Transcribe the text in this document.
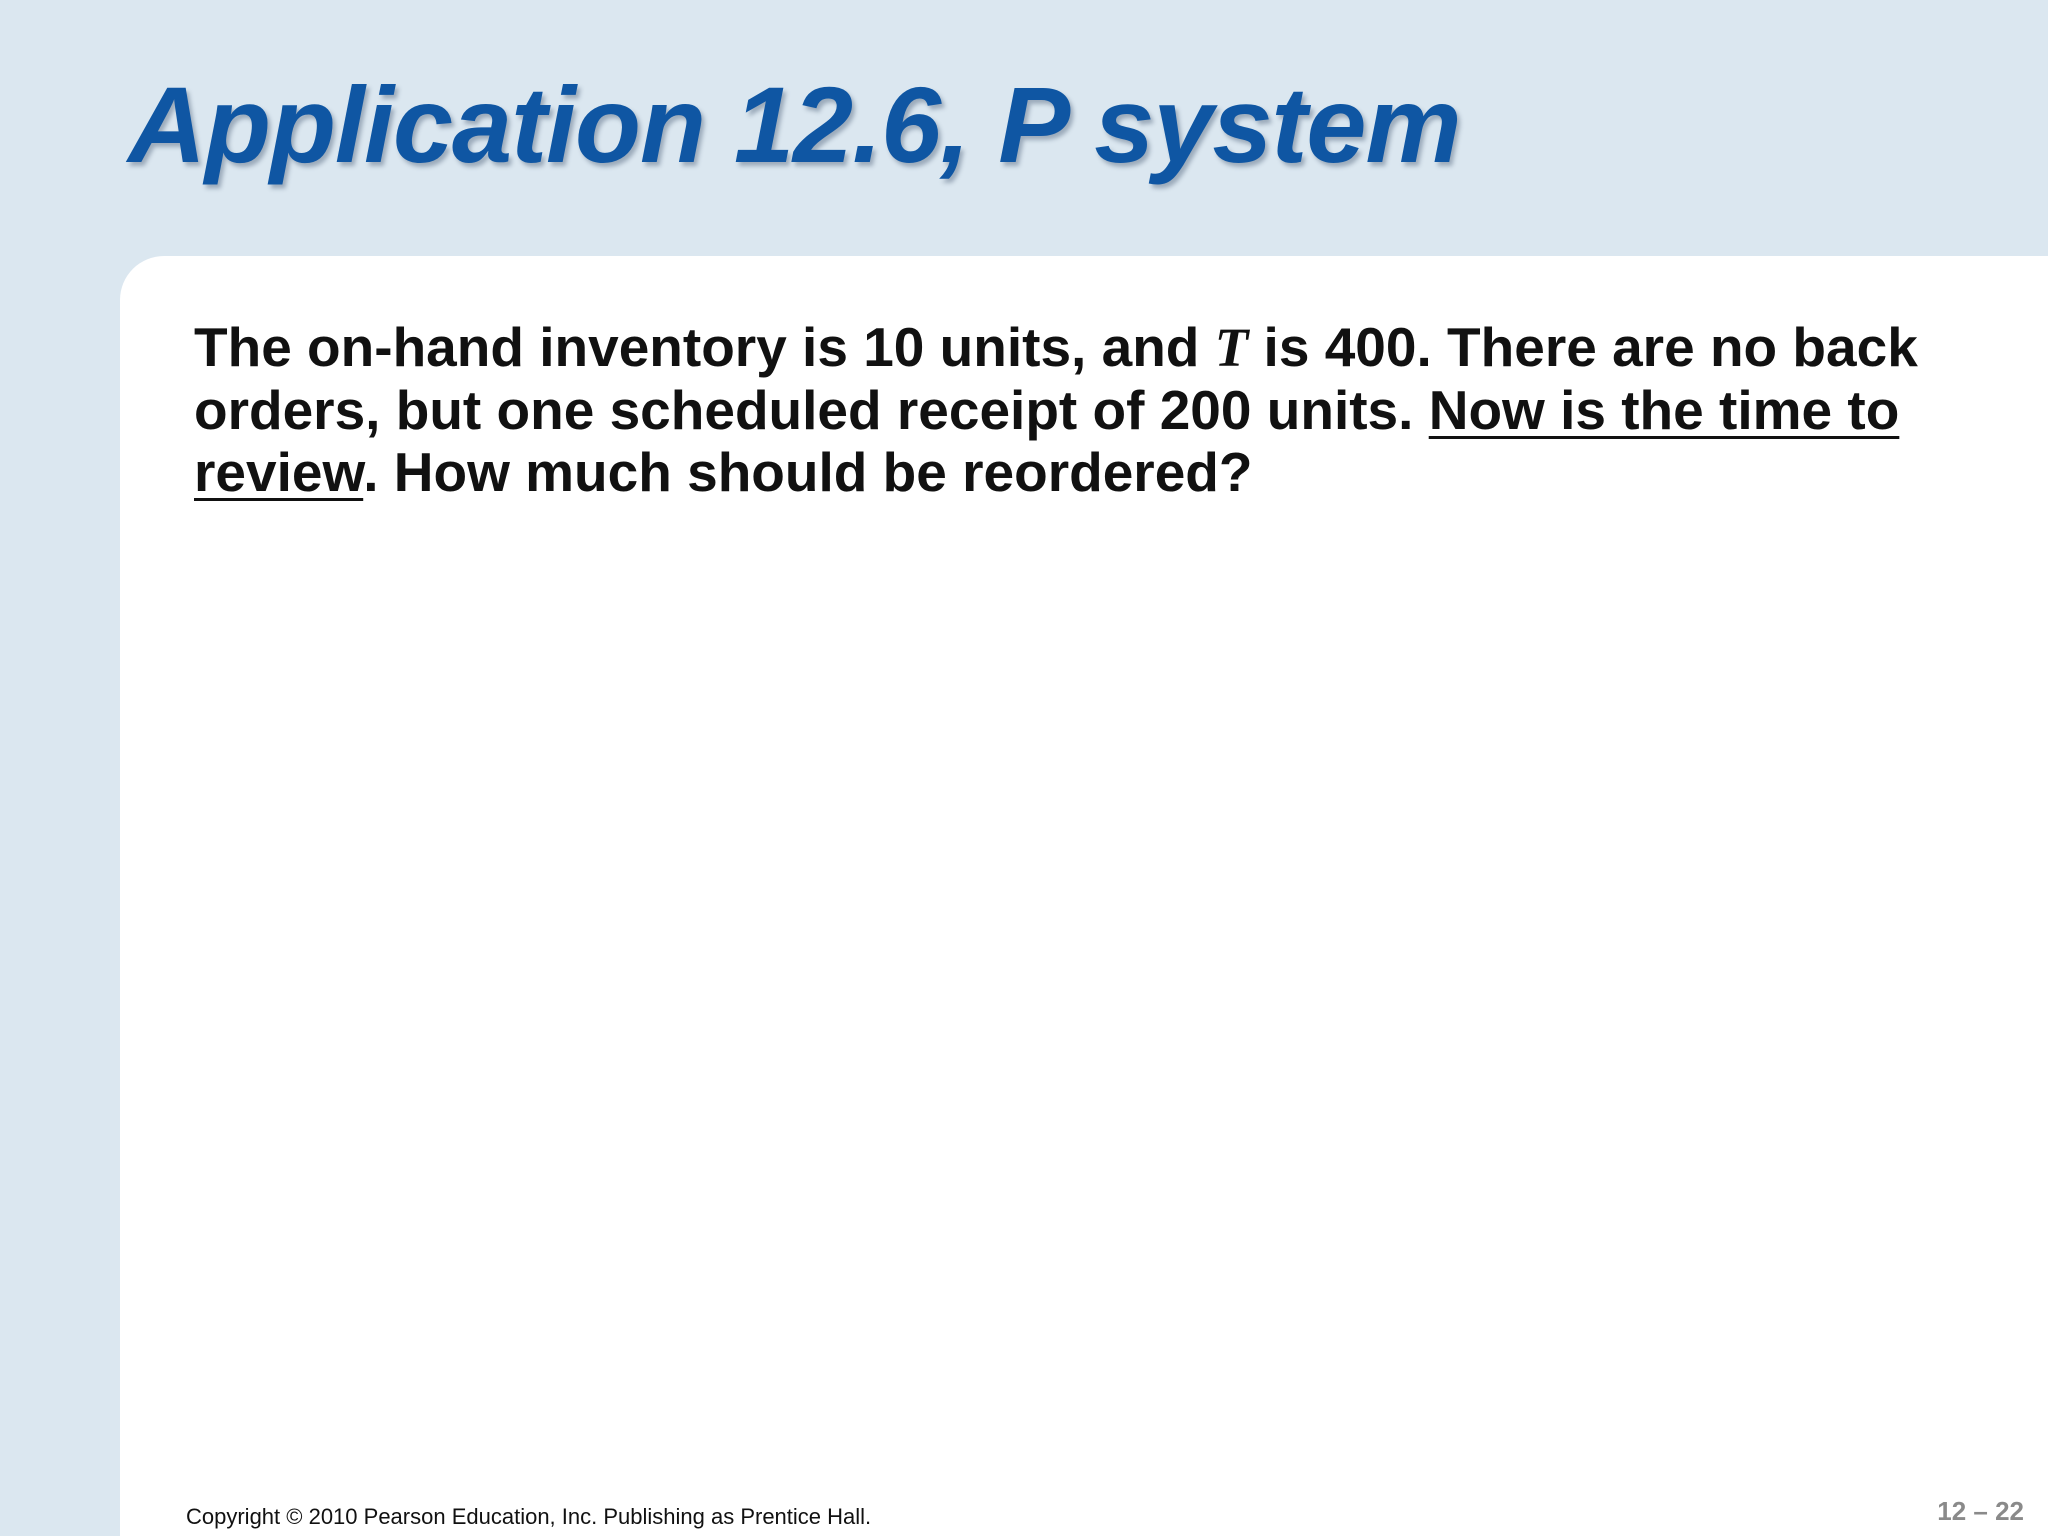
Application 12.6, P system

The on-hand inventory is 10 units, and T is 400. There are no back orders, but one scheduled receipt of 200 units. Now is the time to review. How much should be reordered?

Copyright © 2010 Pearson Education, Inc. Publishing as Prentice Hall.	12 – 22
